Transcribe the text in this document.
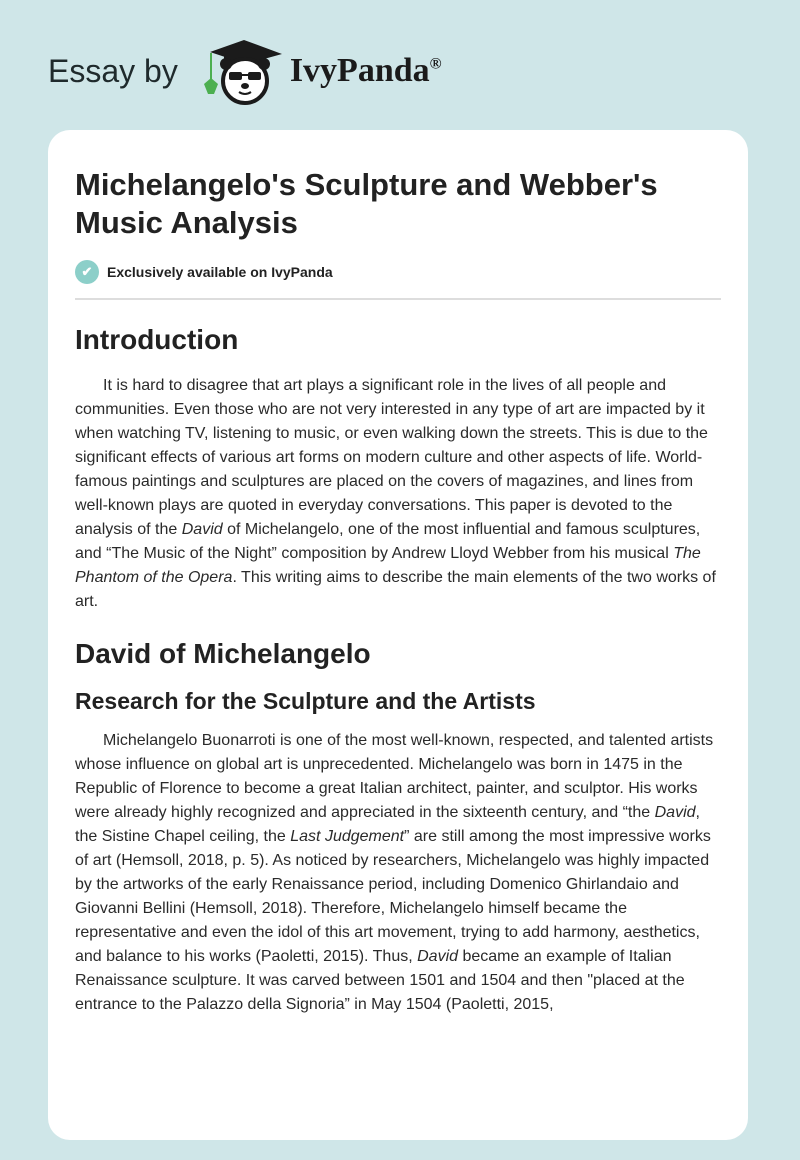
Essay by	IvyPanda®
Michelangelo's Sculpture and Webber's Music Analysis
✔	Exclusively available on IvyPanda
Introduction

It is hard to disagree that art plays a significant role in the lives of all people and communities. Even those who are not very interested in any type of art are impacted by it when watching TV, listening to music, or even walking down the streets. This is due to the significant effects of various art forms on modern culture and other aspects of life. World-famous paintings and sculptures are placed on the covers of magazines, and lines from well-known plays are quoted in everyday conversations. This paper is devoted to the analysis of the David of Michelangelo, one of the most influential and famous sculptures, and “The Music of the Night” composition by Andrew Lloyd Webber from his musical The Phantom of the Opera. This writing aims to describe the main elements of the two works of art.

David of Michelangelo
Research for the Sculpture and the Artists

Michelangelo Buonarroti is one of the most well-known, respected, and talented artists whose influence on global art is unprecedented. Michelangelo was born in 1475 in the Republic of Florence to become a great Italian architect, painter, and sculptor. His works were already highly recognized and appreciated in the sixteenth century, and “the David, the Sistine Chapel ceiling, the Last Judgement” are still among the most impressive works of art (Hemsoll, 2018, p. 5). As noticed by researchers, Michelangelo was highly impacted by the artworks of the early Renaissance period, including Domenico Ghirlandaio and Giovanni Bellini (Hemsoll, 2018). Therefore, Michelangelo himself became the representative and even the idol of this art movement, trying to add harmony, aesthetics, and balance to his works (Paoletti, 2015). Thus, David became an example of Italian Renaissance sculpture. It was carved between 1501 and 1504 and then "placed at the entrance to the Palazzo della Signoria” in May 1504 (Paoletti, 2015,
